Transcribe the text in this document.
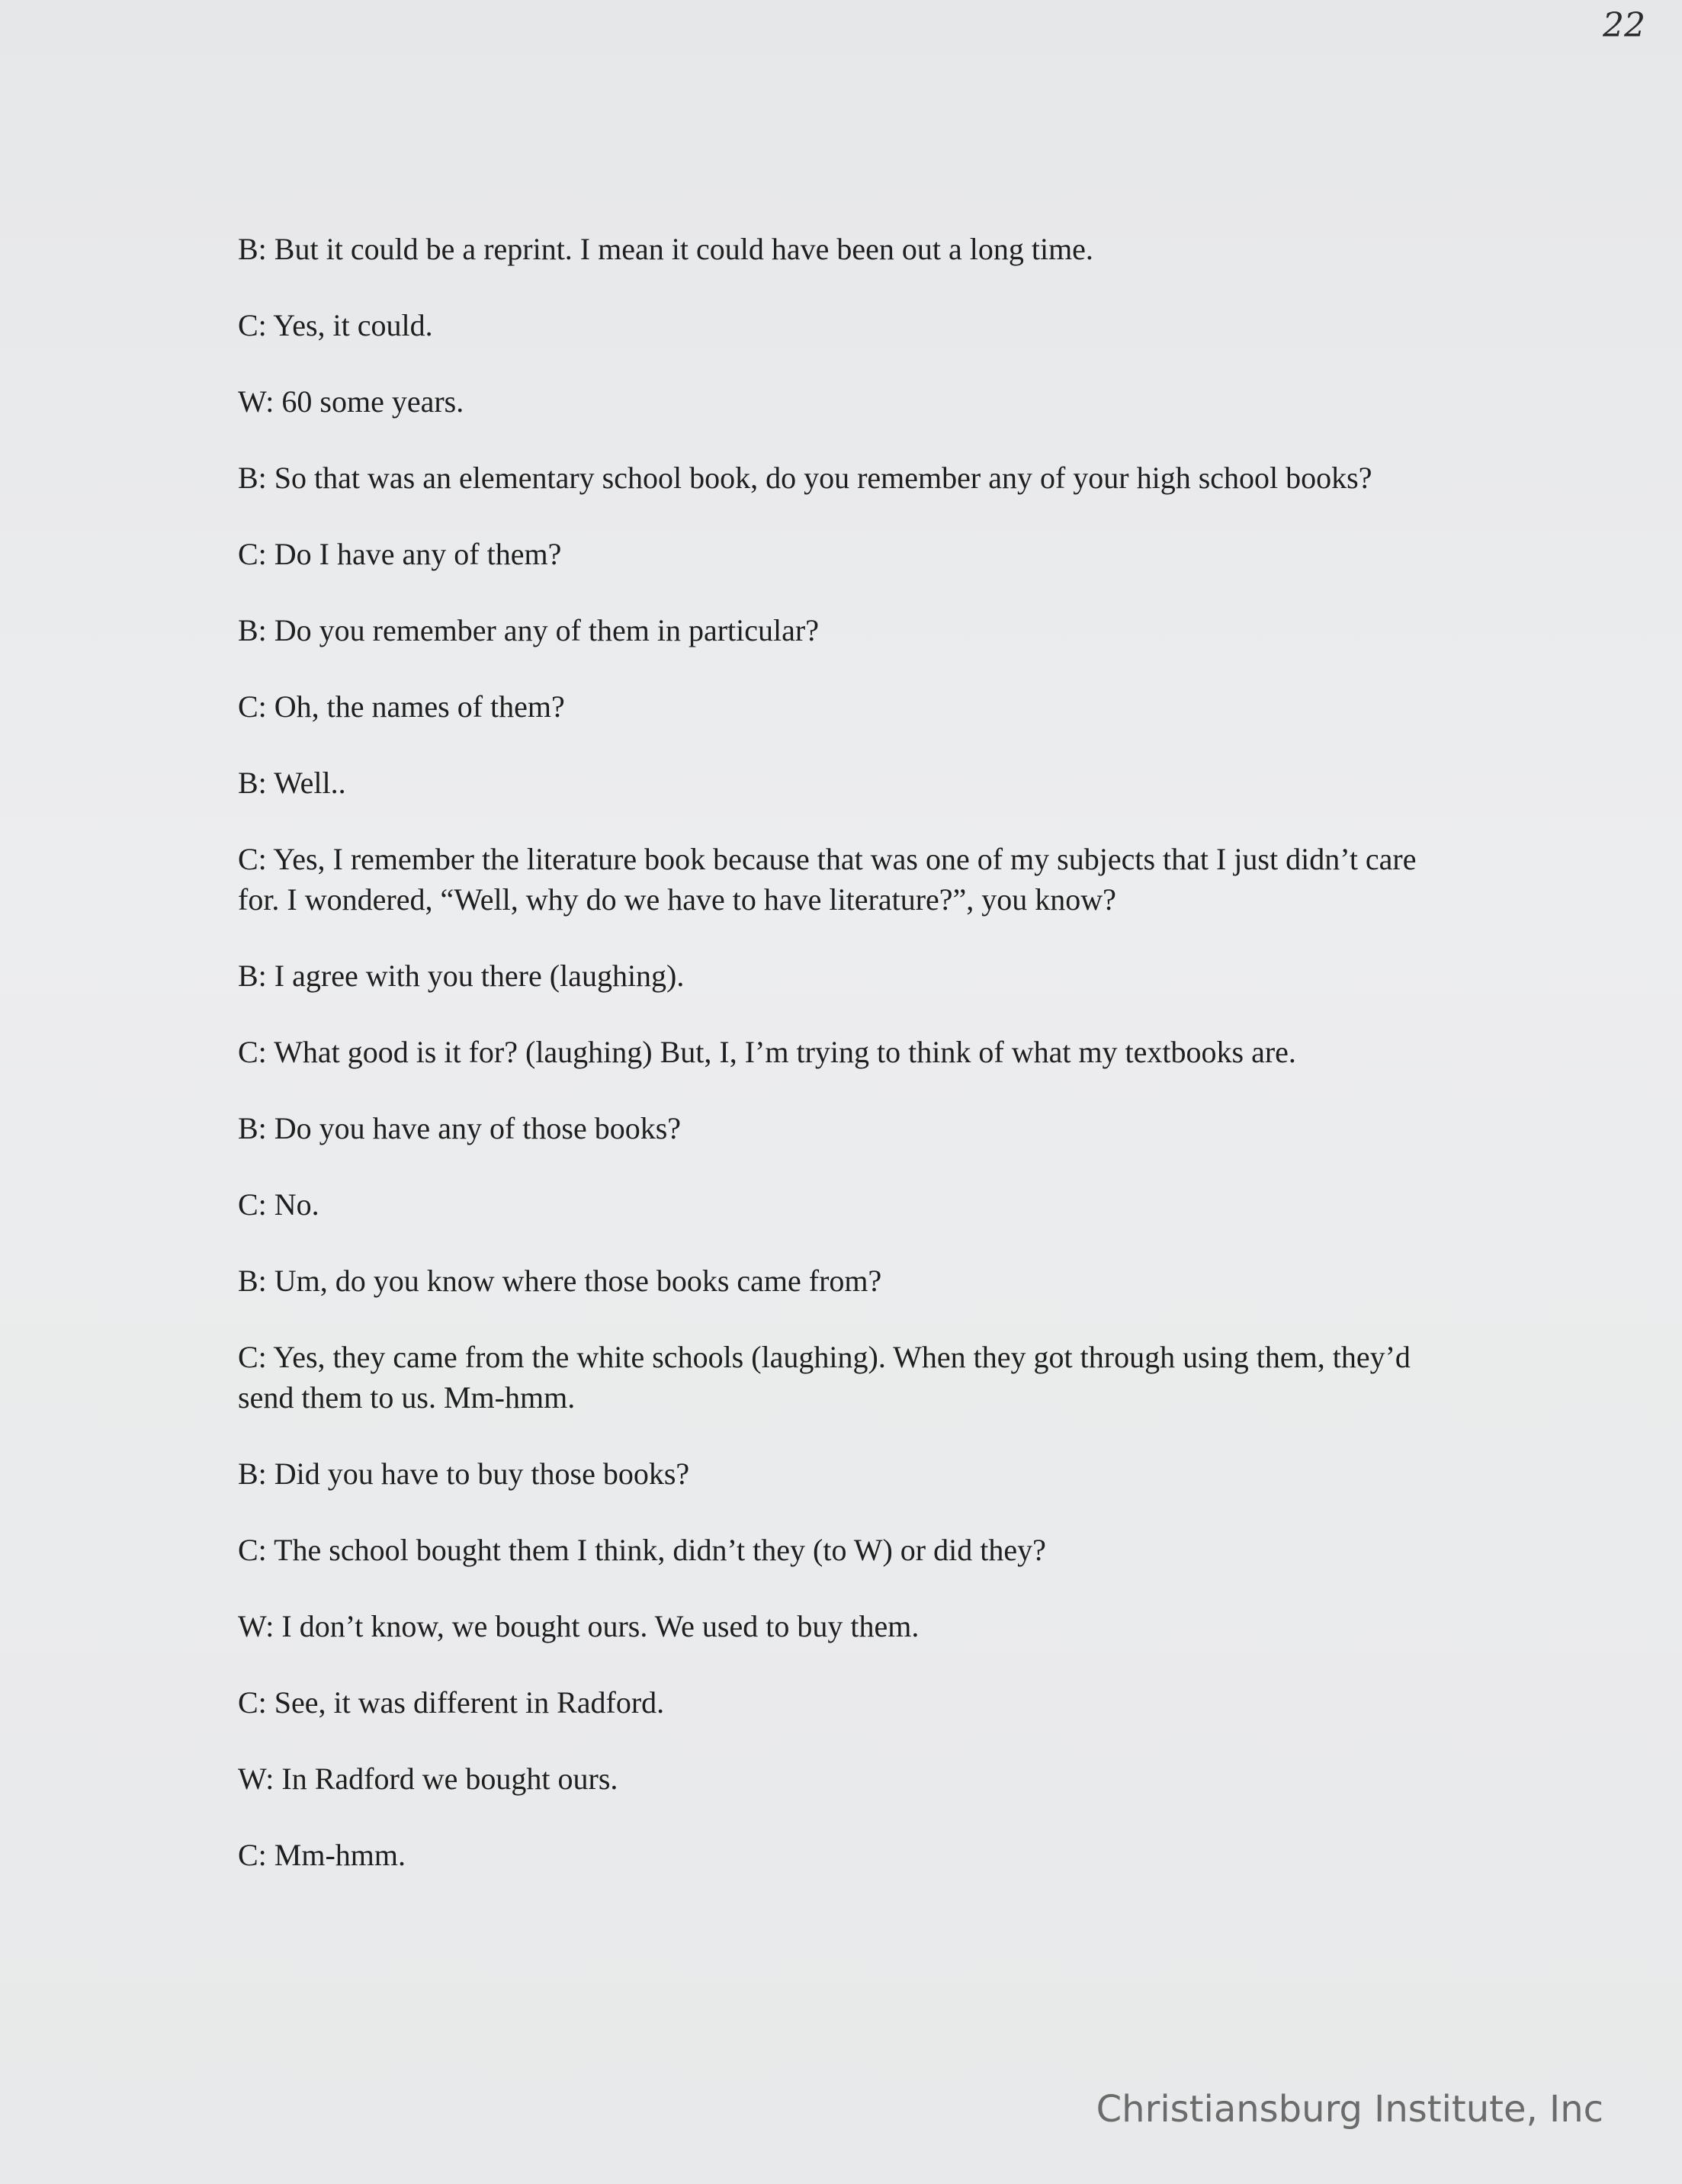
22

B: But it could be a reprint. I mean it could have been out a long time.

C: Yes, it could.

W: 60 some years.

B: So that was an elementary school book, do you remember any of your high school books?

C: Do I have any of them?

B: Do you remember any of them in particular?

C: Oh, the names of them?

B: Well..

C: Yes, I remember the literature book because that was one of my subjects that I just didn’t care for. I wondered, “Well, why do we have to have literature?”, you know?

B: I agree with you there (laughing).

C: What good is it for? (laughing) But, I, I’m trying to think of what my textbooks are.

B: Do you have any of those books?

C: No.

B: Um, do you know where those books came from?

C: Yes, they came from the white schools (laughing). When they got through using them, they’d send them to us. Mm-hmm.

B: Did you have to buy those books?

C: The school bought them I think, didn’t they (to W) or did they?

W: I don’t know, we bought ours. We used to buy them.

C: See, it was different in Radford.

W: In Radford we bought ours.

C: Mm-hmm.

Christiansburg Institute, Inc
